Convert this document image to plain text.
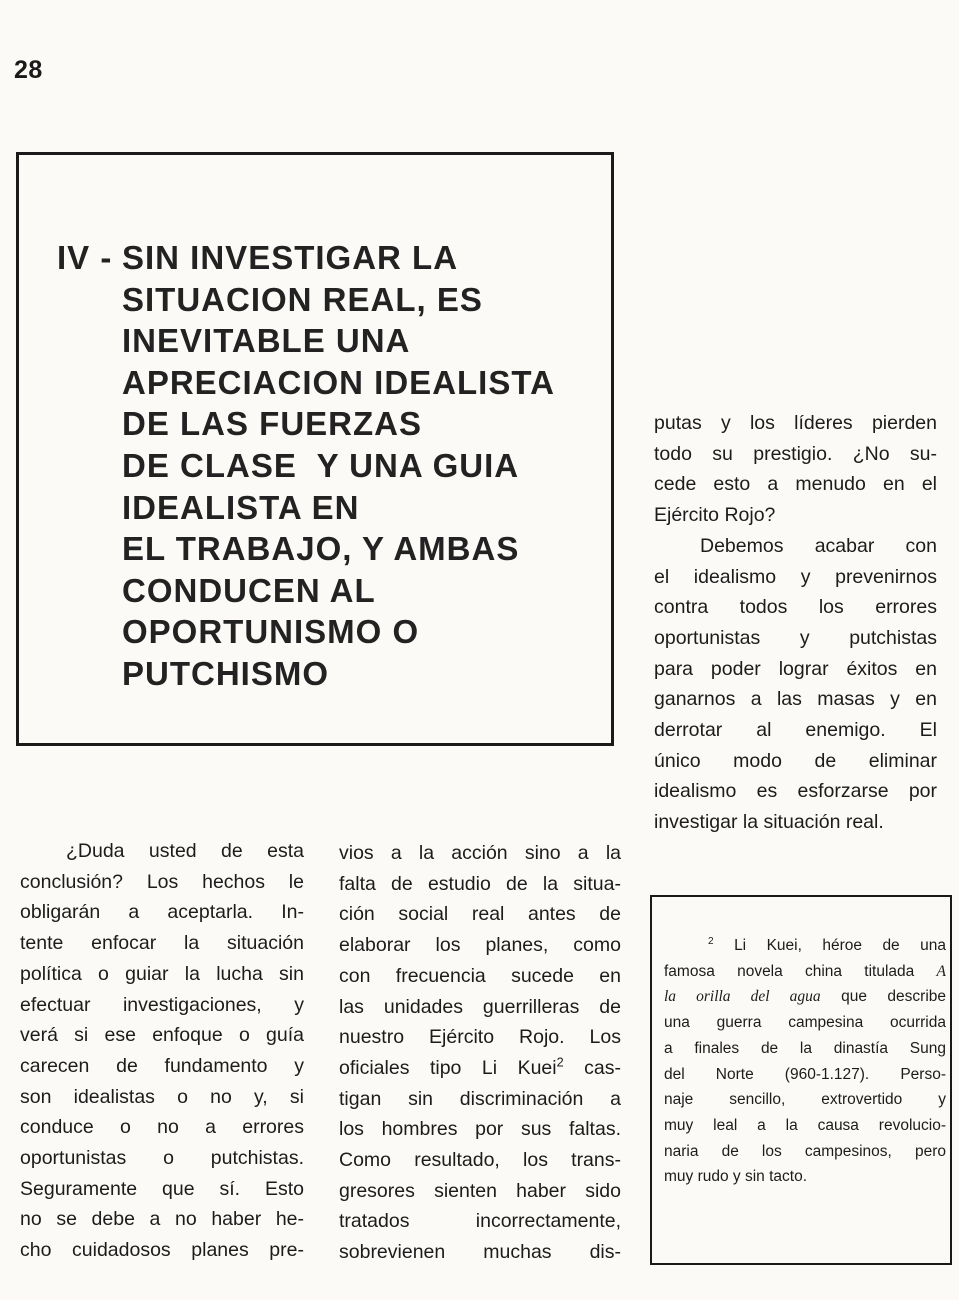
28
IV - SIN INVESTIGAR LA
SITUACION REAL, ES
INEVITABLE UNA
APRECIACION IDEALISTA
DE LAS FUERZAS
DE CLASE  Y UNA GUIA
IDEALISTA EN
EL TRABAJO, Y AMBAS
CONDUCEN AL
OPORTUNISMO O
PUTCHISMO
¿Duda usted de esta
conclusión? Los hechos le
obligarán a aceptarla. In-
tente enfocar la situación
política o guiar la lucha sin
efectuar investigaciones, y
verá si ese enfoque o guía
carecen de fundamento y
son idealistas o no y, si
conduce o no a errores
oportunistas o putchistas.
Seguramente que sí. Esto
no se debe a no haber he-
cho cuidadosos planes pre-
vios a la acción sino a la
falta de estudio de la situa-
ción social real antes de
elaborar los planes, como
con frecuencia sucede en
las unidades guerrilleras de
nuestro Ejército Rojo. Los
oficiales tipo Li Kuei$^2$ cas-
tigan sin discriminación a
los hombres por sus faltas.
Como resultado, los trans-
gresores sienten haber sido
tratados incorrectamente,
sobrevienen muchas dis-
putas y los líderes pierden
todo su prestigio. ¿No su-
cede esto a menudo en el
Ejército Rojo?
Debemos acabar con
el idealismo y prevenirnos
contra todos los errores
oportunistas y putchistas
para poder lograr éxitos en
ganarnos a las masas y en
derrotar al enemigo. El
único modo de eliminar
idealismo es esforzarse por
investigar la situación real.
$^2$ Li Kuei, héroe de una
famosa novela china titulada A
la orilla del agua que describe
una guerra campesina ocurrida
a finales de la dinastía Sung
del Norte (960-1.127). Perso-
naje sencillo, extrovertido y
muy leal a la causa revolucio-
naria de los campesinos, pero
muy rudo y sin tacto.
